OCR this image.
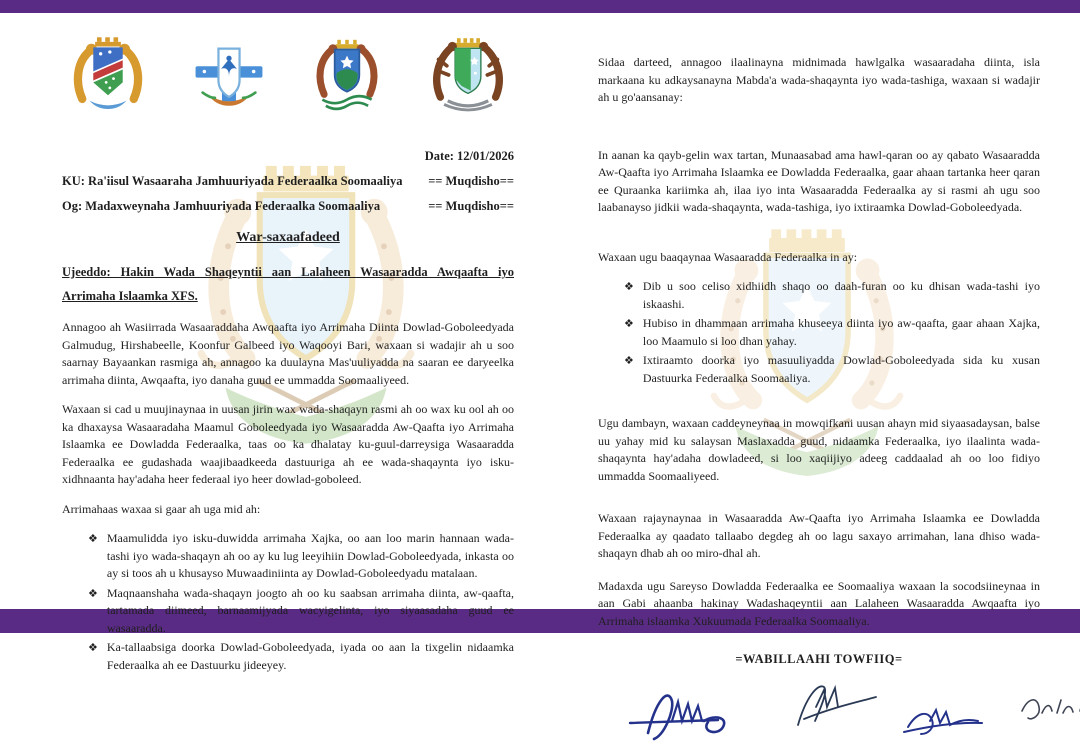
Date: 12/01/2026
KU: Ra'iisul Wasaaraha Jamhuuriyada Federaalka Soomaaliya == Muqdisho==
Og: Madaxweynaha Jamhuuriyada Federaalka Soomaaliya	== Muqdisho==
War-saxaafadeed
Ujeeddo: Hakin Wada Shaqeyntii aan Lalaheen Wasaaradda Awqaafta iyo Arrimaha Islaamka XFS.

Annagoo ah Wasiirrada Wasaaraddaha Awqaafta iyo Arrimaha Diinta Dowlad-Goboleedyada Galmudug, Hirshabeelle, Koonfur Galbeed iyo Waqooyi Bari, waxaan si wadajir ah u soo saarnay Bayaankan rasmiga ah, annagoo ka duulayna Mas'uuliyadda na saaran ee daryeelka arrimaha diinta, Awqaafta, iyo danaha guud ee ummadda Soomaaliyeed.

Waxaan si cad u muujinaynaa in uusan jirin wax wada-shaqayn rasmi ah oo wax ku ool ah oo ka dhaxaysa Wasaaradaha Maamul Goboleedyada iyo Wasaaradda Aw-Qaafta iyo Arrimaha Islaamka ee Dowladda Federaalka, taas oo ka dhalatay ku-guul-darreysiga Wasaaradda Federaalka ee gudashada waajibaadkeeda dastuuriga ah ee wada-shaqaynta iyo isku-xidhnaanta hay'adaha heer federaal iyo heer dowlad-goboleed.

Arrimahaas waxaa si gaar ah uga mid ah:

❖ Maamulidda iyo isku-duwidda arrimaha Xajka, oo aan loo marin hannaan wada-tashi iyo wada-shaqayn ah oo ay ku lug leeyihiin Dowlad-Goboleedyada, inkasta oo ay si toos ah u khusayso Muwaadiniinta ay Dowlad-Goboleedyadu matalaan.
❖ Maqnaanshaha wada-shaqayn joogto ah oo ku saabsan arrimaha diinta, aw-qaafta, tartamada diimeed, barnaamijyada wacyigelinta, iyo siyaasadaha guud ee wasaaradda.
❖ Ka-tallaabsiga doorka Dowlad-Goboleedyada, iyada oo aan la tixgelin nidaamka Federaalka ah ee Dastuurku jideeyey.

Sidaa darteed, annagoo ilaalinayna midnimada hawlgalka wasaaradaha diinta, isla markaana ku adkaysanayna Mabda'a wada-shaqaynta iyo wada-tashiga, waxaan si wadajir ah u go'aansanay:

In aanan ka qayb-gelin wax tartan, Munaasabad ama hawl-qaran oo ay qabato Wasaaradda Aw-Qaafta iyo Arrimaha Islaamka ee Dowladda Federaalka, gaar ahaan tartanka heer qaran ee Quraanka kariimka ah, ilaa iyo inta Wasaaradda Federaalka ay si rasmi ah ugu soo laabanayso jidkii wada-shaqaynta, wada-tashiga, iyo ixtiraamka Dowlad-Goboleedyada.

Waxaan ugu baaqaynaa Wasaaradda Federaalka in ay:

❖ Dib u soo celiso xidhiidh shaqo oo daah-furan oo ku dhisan wada-tashi iyo iskaashi.
❖ Hubiso in dhammaan arrimaha khuseeya diinta iyo aw-qaafta, gaar ahaan Xajka, loo Maamulo si loo dhan yahay.
❖ Ixtiraamto doorka iyo masuuliyadda Dowlad-Goboleedyada sida ku xusan Dastuurka Federaalka Soomaaliya.

Ugu dambayn, waxaan caddeyneynaa in mowqifkani uusan ahayn mid siyaasadaysan, balse uu yahay mid ku salaysan Maslaxadda guud, nidaamka Federaalka, iyo ilaalinta wada-shaqaynta hay'adaha dowladeed, si loo xaqiijiyo adeeg caddaalad ah oo loo fidiyo ummadda Soomaaliyeed.

Waxaan rajaynaynaa in Wasaaradda Aw-Qaafta iyo Arrimaha Islaamka ee Dowladda Federaalka ay qaadato tallaabo degdeg ah oo lagu saxayo arrimahan, lana dhiso wada-shaqayn dhab ah oo miro-dhal ah.

Madaxda ugu Sareyso Dowladda Federaalka ee Soomaaliya waxaan la socodsiineynaa in aan Gabi ahaanba hakinay Wadashaqeyntii aan Lalaheen Wasaaradda Awqaafta iyo Arrimaha islaamka Xukuumada Federaalka Soomaaliya.

=WABILLAAHI TOWFIIQ=
